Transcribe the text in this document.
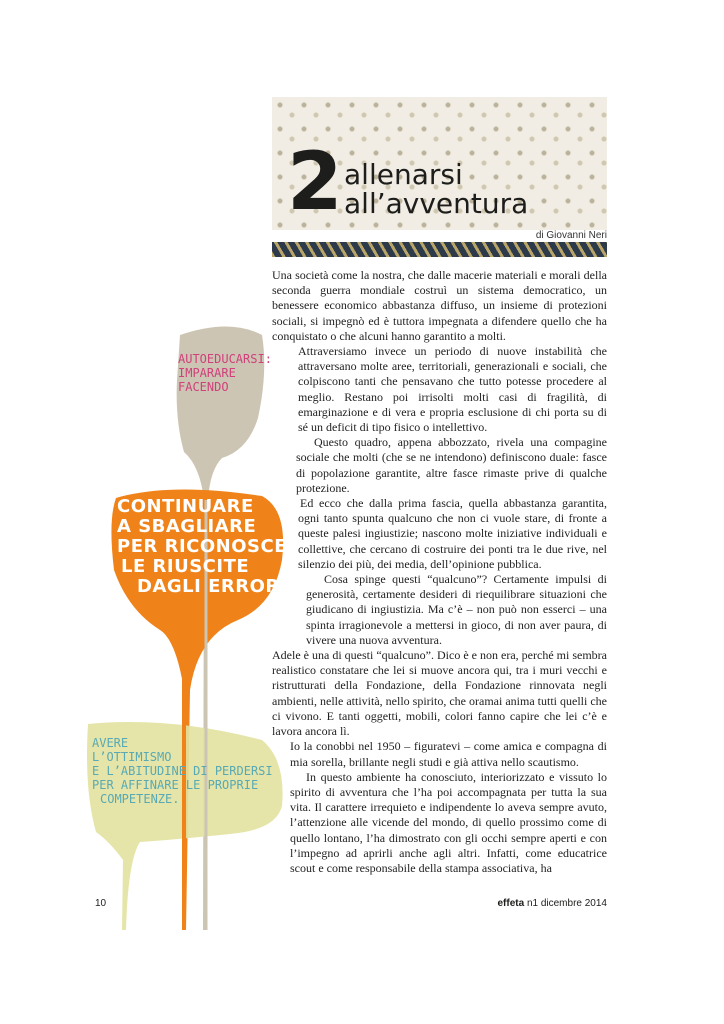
2 allenarsi
all’avventura
di Giovanni Neri
AUTOEDUCARSI:
IMPARARE
FACENDO
CONTINUARE
A SBAGLIARE
PER RICONOSCERE
LE RIUSCITE
DAGLI ERRORI
AVERE
L’OTTIMISMO
E L’ABITUDINE DI PERDERSI
PER AFFINARE LE PROPRIE
COMPETENZE.

Una società come la nostra, che dalle macerie materiali e morali della seconda guerra mondiale costruì un sistema democratico, un benessere economico abbastanza diffuso, un insieme di protezioni sociali, si impegnò ed è tuttora impegnata a difendere quello che ha conquistato o che alcuni hanno garantito a molti.

Attraversiamo invece un periodo di nuove instabilità che attraversano molte aree, territoriali, generazionali e sociali, che colpiscono tanti che pensavano che tutto potesse procedere al meglio. Restano poi irrisolti molti casi di fragilità, di emarginazione e di vera e propria esclusione di chi porta su di sé un deficit di tipo fisico o intellettivo.

Questo quadro, appena abbozzato, rivela una compagine sociale che molti (che se ne intendono) definiscono duale: fasce di popolazione garantite, altre fasce rimaste prive di qualche protezione.

Ed ecco che dalla prima fascia, quella abbastanza garantita, ogni tanto spunta qualcuno che non ci vuole stare, di fronte a queste palesi ingiustizie; nascono molte iniziative individuali e collettive, che cercano di costruire dei ponti tra le due rive, nel silenzio dei più, dei media, dell’opinione pubblica.

Cosa spinge questi “qualcuno”? Certamente impulsi di generosità, certamente desideri di riequilibrare situazioni che giudicano di ingiustizia. Ma c’è – non può non esserci – una spinta irragionevole a mettersi in gioco, di non aver paura, di vivere una nuova avventura.

Adele è una di questi “qualcuno”. Dico è e non era, perché mi sembra realistico constatare che lei si muove ancora qui, tra i muri vecchi e ristrutturati della Fondazione, della Fondazione rinnovata negli ambienti, nelle attività, nello spirito, che oramai anima tutti quelli che ci vivono. E tanti oggetti, mobili, colori fanno capire che lei c’è e lavora ancora lì.

Io la conobbi nel 1950 – figuratevi – come amica e compagna di mia sorella, brillante negli studi e già attiva nello scautismo.

In questo ambiente ha conosciuto, interiorizzato e vissuto lo spirito di avventura che l’ha poi accompagnata per tutta la sua vita. Il carattere irrequieto e indipendente lo aveva sempre avuto, l’attenzione alle vicende del mondo, di quello prossimo come di quello lontano, l’ha dimostrato con gli occhi sempre aperti e con l’impegno ad aprirli anche agli altri. Infatti, come educatrice scout e come responsabile della stampa associativa, ha

10	effeta n1 dicembre 2014
